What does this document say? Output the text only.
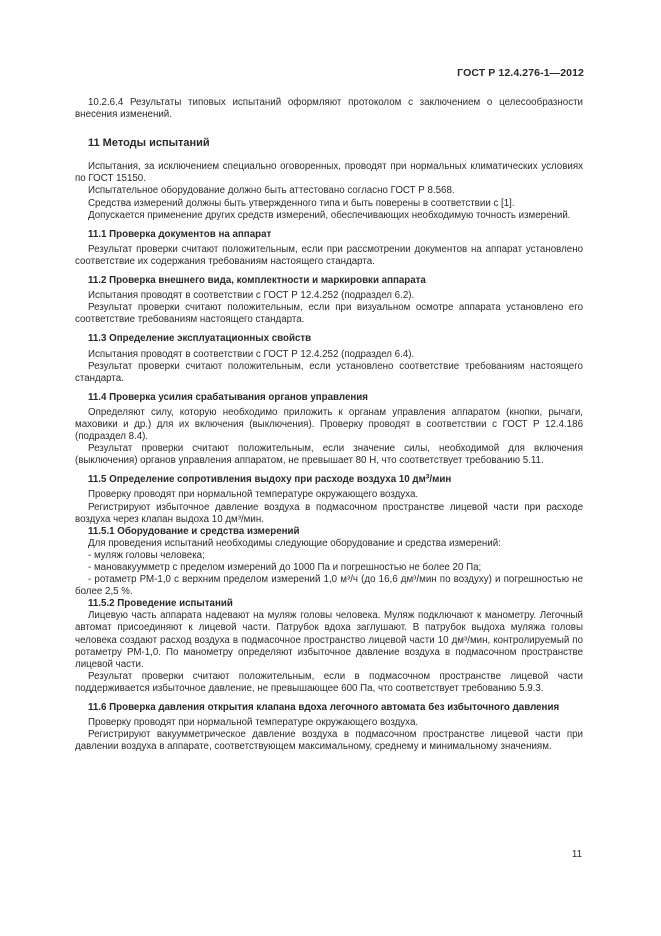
ГОСТ Р 12.4.276-1—2012

10.2.6.4 Результаты типовых испытаний оформляют протоколом с заключением о целесообразности внесения изменений.

11 Методы испытаний

Испытания, за исключением специально оговоренных, проводят при нормальных климатических условиях по ГОСТ 15150.

Испытательное оборудование должно быть аттестовано согласно ГОСТ Р 8.568.

Средства измерений должны быть утвержденного типа и быть поверены в соответствии с [1].

Допускается применение других средств измерений, обеспечивающих необходимую точность измерений.

11.1 Проверка документов на аппарат

Результат проверки считают положительным, если при рассмотрении документов на аппарат установлено соответствие их содержания требованиям настоящего стандарта.

11.2 Проверка внешнего вида, комплектности и маркировки аппарата

Испытания проводят в соответствии с ГОСТ Р 12.4.252 (подраздел 6.2).

Результат проверки считают положительным, если при визуальном осмотре аппарата установлено его соответствие требованиям настоящего стандарта.

11.3 Определение эксплуатационных свойств

Испытания проводят в соответствии с ГОСТ Р 12.4.252 (подраздел 6.4).

Результат проверки считают положительным, если установлено соответствие требованиям настоящего стандарта.

11.4 Проверка усилия срабатывания органов управления

Определяют силу, которую необходимо приложить к органам управления аппаратом (кнопки, рычаги, маховики и др.) для их включения (выключения). Проверку проводят в соответствии с ГОСТ Р 12.4.186 (подраздел 8.4).

Результат проверки считают положительным, если значение силы, необходимой для включения (выключения) органов управления аппаратом, не превышает 80 Н, что соответствует требованию 5.11.

11.5 Определение сопротивления выдоху при расходе воздуха 10 $дм^3$/мин

Проверку проводят при нормальной температуре окружающего воздуха.

Регистрируют избыточное давление воздуха в подмасочном пространстве лицевой части при расходе воздуха через клапан выдоха 10 дм³/мин.

11.5.1 Оборудование и средства измерений

Для проведения испытаний необходимы следующие оборудование и средства измерений:

- муляж головы человека;

- мановакуумметр с пределом измерений до 1000 Па и погрешностью не более 20 Па;

- ротаметр РМ-1,0 с верхним пределом измерений 1,0 м³/ч (до 16,6 дм³/мин по воздуху) и погрешностью не более 2,5 %.

11.5.2 Проведение испытаний

Лицевую часть аппарата надевают на муляж головы человека. Муляж подключают к манометру. Легочный автомат присоединяют к лицевой части. Патрубок вдоха заглушают. В патрубок выдоха муляжа головы человека создают расход воздуха в подмасочное пространство лицевой части 10 дм³/мин, контролируемый по ротаметру РМ-1,0. По манометру определяют избыточное давление воздуха в подмасочном пространстве лицевой части.

Результат проверки считают положительным, если в подмасочном пространстве лицевой части поддерживается избыточное давление, не превышающее 600 Па, что соответствует требованию 5.9.3.

11.6 Проверка давления открытия клапана вдоха легочного автомата без избыточного давления

Проверку проводят при нормальной температуре окружающего воздуха.

Регистрируют вакуумметрическое давление воздуха в подмасочном пространстве лицевой части при давлении воздуха в аппарате, соответствующем максимальному, среднему и минимальному значениям.

11
